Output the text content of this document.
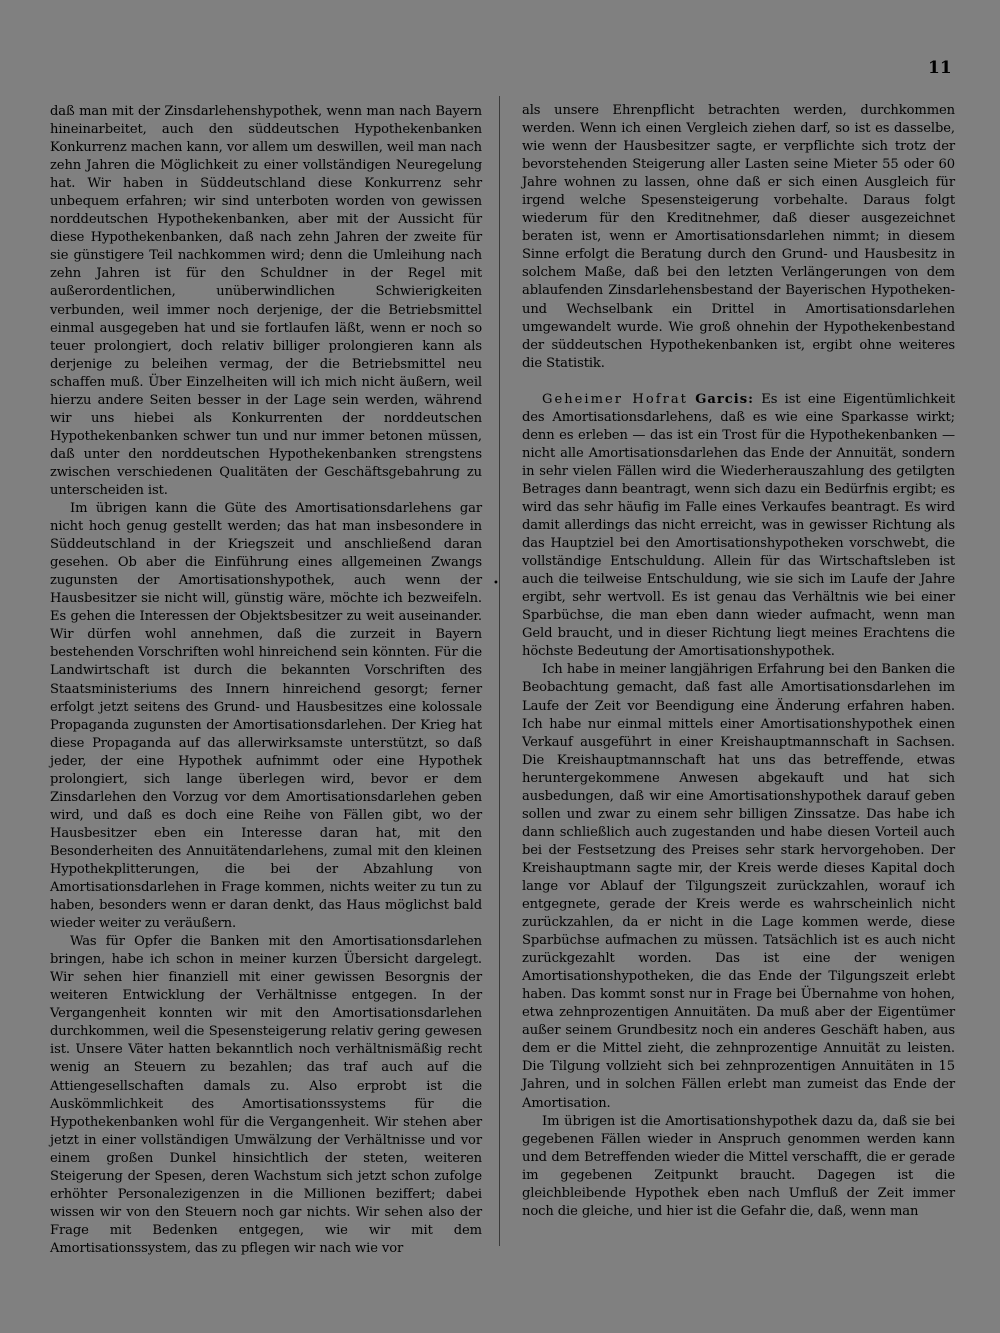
11

daß man mit der Zinsdarlehenshypothek, wenn man nach Bayern hineinarbeitet, auch den süddeutschen Hypothekenbanken Konkurrenz machen kann, vor allem um deswillen, weil man nach zehn Jahren die Möglichkeit zu einer vollständigen Neuregelung hat. Wir haben in Süddeutschland diese Konkurrenz sehr unbequem erfahren; wir sind unterboten worden von gewissen norddeutschen Hypothekenbanken, aber mit der Aussicht für diese Hypothekenbanken, daß nach zehn Jahren der zweite für sie günstigere Teil nachkommen wird; denn die Umleihung nach zehn Jahren ist für den Schuldner in der Regel mit außerordentlichen, unüberwindlichen Schwierigkeiten verbunden, weil immer noch derjenige, der die Betriebsmittel einmal ausgegeben hat und sie fortlaufen läßt, wenn er noch so teuer prolongiert, doch relativ billiger prolongieren kann als derjenige zu beleihen vermag, der die Betriebsmittel neu schaffen muß. Über Einzelheiten will ich mich nicht äußern, weil hierzu andere Seiten besser in der Lage sein werden, während wir uns hiebei als Konkurrenten der norddeutschen Hypothekenbanken schwer tun und nur immer betonen müssen, daß unter den norddeutschen Hypothekenbanken strengstens zwischen verschiedenen Qualitäten der Geschäftsgebahrung zu unterscheiden ist.

Im übrigen kann die Güte des Amortisationsdarlehens gar nicht hoch genug gestellt werden; das hat man insbesondere in Süddeutschland in der Kriegszeit und anschließend daran gesehen. Ob aber die Einführung eines allgemeinen Zwangs zugunsten der Amortisationshypothek, auch wenn der Hausbesitzer sie nicht will, günstig wäre, möchte ich bezweifeln. Es gehen die Interessen der Objektsbesitzer zu weit auseinander. Wir dürfen wohl annehmen, daß die zurzeit in Bayern bestehenden Vorschriften wohl hinreichend sein könnten. Für die Landwirtschaft ist durch die bekannten Vorschriften des Staatsministeriums des Innern hinreichend gesorgt; ferner erfolgt jetzt seitens des Grund- und Hausbesitzes eine kolossale Propaganda zugunsten der Amortisationsdarlehen. Der Krieg hat diese Propaganda auf das allerwirksamste unterstützt, so daß jeder, der eine Hypothek aufnimmt oder eine Hypothek prolongiert, sich lange überlegen wird, bevor er dem Zinsdarlehen den Vorzug vor dem Amortisationsdarlehen geben wird, und daß es doch eine Reihe von Fällen gibt, wo der Hausbesitzer eben ein Interesse daran hat, mit den Besonderheiten des Annuitätendarlehens, zumal mit den kleinen Hypothekplitterungen, die bei der Abzahlung von Amortisationsdarlehen in Frage kommen, nichts weiter zu tun zu haben, besonders wenn er daran denkt, das Haus möglichst bald wieder weiter zu veräußern.

Was für Opfer die Banken mit den Amortisationsdarlehen bringen, habe ich schon in meiner kurzen Übersicht dargelegt. Wir sehen hier finanziell mit einer gewissen Besorgnis der weiteren Entwicklung der Verhältnisse entgegen. In der Vergangenheit konnten wir mit den Amortisationsdarlehen durchkommen, weil die Spesensteigerung relativ gering gewesen ist. Unsere Väter hatten bekanntlich noch verhältnismäßig recht wenig an Steuern zu bezahlen; das traf auch auf die Attiengesellschaften damals zu. Also erprobt ist die Auskömmlichkeit des Amortisationssystems für die Hypothekenbanken wohl für die Vergangenheit. Wir stehen aber jetzt in einer vollständigen Umwälzung der Verhältnisse und vor einem großen Dunkel hinsichtlich der steten, weiteren Steigerung der Spesen, deren Wachstum sich jetzt schon zufolge erhöhter Personalezigenzen in die Millionen beziffert; dabei wissen wir von den Steuern noch gar nichts. Wir sehen also der Frage mit Bedenken entgegen, wie wir mit dem Amortisationssystem, das zu pflegen wir nach wie vor

•

als unsere Ehrenpflicht betrachten werden, durchkommen werden. Wenn ich einen Vergleich ziehen darf, so ist es dasselbe, wie wenn der Hausbesitzer sagte, er verpflichte sich trotz der bevorstehenden Steigerung aller Lasten seine Mieter 55 oder 60 Jahre wohnen zu lassen, ohne daß er sich einen Ausgleich für irgend welche Spesensteigerung vorbehalte. Daraus folgt wiederum für den Kreditnehmer, daß dieser ausgezeichnet beraten ist, wenn er Amortisationsdarlehen nimmt; in diesem Sinne erfolgt die Beratung durch den Grund- und Hausbesitz in solchem Maße, daß bei den letzten Verlängerungen von dem ablaufenden Zinsdarlehensbestand der Bayerischen Hypotheken- und Wechselbank ein Drittel in Amortisationsdarlehen umgewandelt wurde. Wie groß ohnehin der Hypothekenbestand der süddeutschen Hypothekenbanken ist, ergibt ohne weiteres die Statistik.

Geheimer Hofrat Garcis: Es ist eine Eigentümlichkeit des Amortisationsdarlehens, daß es wie eine Sparkasse wirkt; denn es erleben — das ist ein Trost für die Hypothekenbanken — nicht alle Amortisationsdarlehen das Ende der Annuität, sondern in sehr vielen Fällen wird die Wiederherauszahlung des getilgten Betrages dann beantragt, wenn sich dazu ein Bedürfnis ergibt; es wird das sehr häufig im Falle eines Verkaufes beantragt. Es wird damit allerdings das nicht erreicht, was in gewisser Richtung als das Hauptziel bei den Amortisationshypotheken vorschwebt, die vollständige Entschuldung. Allein für das Wirtschaftsleben ist auch die teilweise Entschuldung, wie sie sich im Laufe der Jahre ergibt, sehr wertvoll. Es ist genau das Verhältnis wie bei einer Sparbüchse, die man eben dann wieder aufmacht, wenn man Geld braucht, und in dieser Richtung liegt meines Erachtens die höchste Bedeutung der Amortisationshypothek.

Ich habe in meiner langjährigen Erfahrung bei den Banken die Beobachtung gemacht, daß fast alle Amortisationsdarlehen im Laufe der Zeit vor Beendigung eine Änderung erfahren haben. Ich habe nur einmal mittels einer Amortisationshypothek einen Verkauf ausgeführt in einer Kreishauptmannschaft in Sachsen. Die Kreishauptmannschaft hat uns das betreffende, etwas heruntergekommene Anwesen abgekauft und hat sich ausbedungen, daß wir eine Amortisationshypothek darauf geben sollen und zwar zu einem sehr billigen Zinssatze. Das habe ich dann schließlich auch zugestanden und habe diesen Vorteil auch bei der Festsetzung des Preises sehr stark hervorgehoben. Der Kreishauptmann sagte mir, der Kreis werde dieses Kapital doch lange vor Ablauf der Tilgungszeit zurückzahlen, worauf ich entgegnete, gerade der Kreis werde es wahrscheinlich nicht zurückzahlen, da er nicht in die Lage kommen werde, diese Sparbüchse aufmachen zu müssen. Tatsächlich ist es auch nicht zurückgezahlt worden. Das ist eine der wenigen Amortisationshypotheken, die das Ende der Tilgungszeit erlebt haben. Das kommt sonst nur in Frage bei Übernahme von hohen, etwa zehnprozentigen Annuitäten. Da muß aber der Eigentümer außer seinem Grundbesitz noch ein anderes Geschäft haben, aus dem er die Mittel zieht, die zehnprozentige Annuität zu leisten. Die Tilgung vollzieht sich bei zehnprozentigen Annuitäten in 15 Jahren, und in solchen Fällen erlebt man zumeist das Ende der Amortisation.

Im übrigen ist die Amortisationshypothek dazu da, daß sie bei gegebenen Fällen wieder in Anspruch genommen werden kann und dem Betreffenden wieder die Mittel verschafft, die er gerade im gegebenen Zeitpunkt braucht. Dagegen ist die gleichbleibende Hypothek eben nach Umfluß der Zeit immer noch die gleiche, und hier ist die Gefahr die, daß, wenn man
